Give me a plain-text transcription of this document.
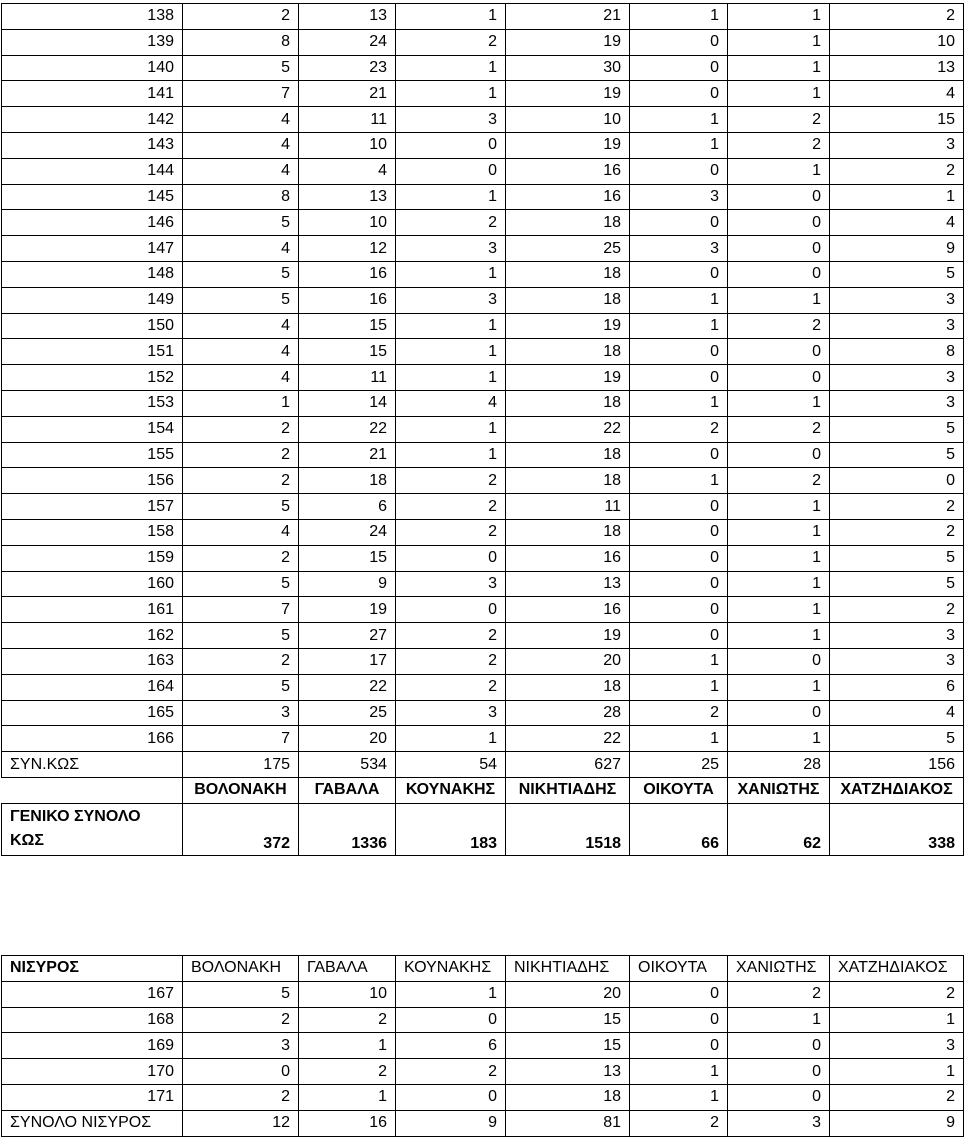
138	2	13	1	21	1	1	2
139	8	24	2	19	0	1	10
140	5	23	1	30	0	1	13
141	7	21	1	19	0	1	4
142	4	11	3	10	1	2	15
143	4	10	0	19	1	2	3
144	4	4	0	16	0	1	2
145	8	13	1	16	3	0	1
146	5	10	2	18	0	0	4
147	4	12	3	25	3	0	9
148	5	16	1	18	0	0	5
149	5	16	3	18	1	1	3
150	4	15	1	19	1	2	3
151	4	15	1	18	0	0	8
152	4	11	1	19	0	0	3
153	1	14	4	18	1	1	3
154	2	22	1	22	2	2	5
155	2	21	1	18	0	0	5
156	2	18	2	18	1	2	0
157	5	6	2	11	0	1	2
158	4	24	2	18	0	1	2
159	2	15	0	16	0	1	5
160	5	9	3	13	0	1	5
161	7	19	0	16	0	1	2
162	5	27	2	19	0	1	3
163	2	17	2	20	1	0	3
164	5	22	2	18	1	1	6
165	3	25	3	28	2	0	4
166	7	20	1	22	1	1	5
ΣΥΝ.ΚΩΣ	175	534	54	627	25	28	156
	ΒΟΛΟΝΑΚΗ	ΓΑΒΑΛΑ	ΚΟΥΝΑΚΗΣ	ΝΙΚΗΤΙΑΔΗΣ	ΟΙΚΟΥΤΑ	ΧΑΝΙΩΤΗΣ	ΧΑΤΖΗΔΙΑΚΟΣ

ΓΕΝΙΚΟ ΣΥΝΟΛΟ
ΚΩΣ	372	1336	183	1518	66	62	338
ΝΙΣΥΡΟΣ	ΒΟΛΟΝΑΚΗ	ΓΑΒΑΛΑ	ΚΟΥΝΑΚΗΣ	ΝΙΚΗΤΙΑΔΗΣ	ΟΙΚΟΥΤΑ	ΧΑΝΙΩΤΗΣ	ΧΑΤΖΗΔΙΑΚΟΣ
167	5	10	1	20	0	2	2
168	2	2	0	15	0	1	1
169	3	1	6	15	0	0	3
170	0	2	2	13	1	0	1
171	2	1	0	18	1	0	2
ΣΥΝΟΛΟ ΝΙΣΥΡΟΣ	12	16	9	81	2	3	9
